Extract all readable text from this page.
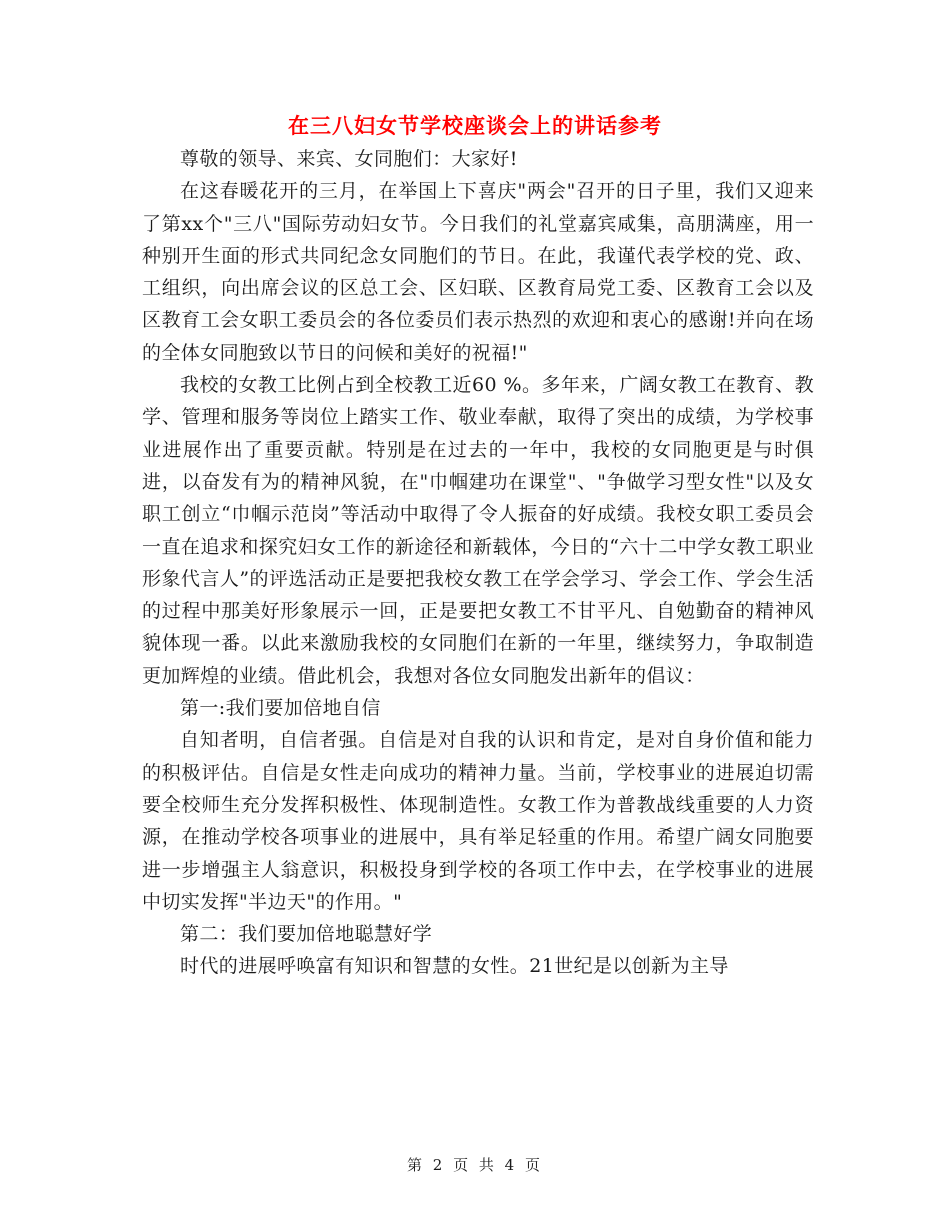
在三八妇女节学校座谈会上的讲话参考

尊敬的领导、来宾、女同胞们：大家好!

在这春暖花开的三月，在举国上下喜庆"两会"召开的日子里，我们又迎来了第xx个"三八"国际劳动妇女节。今日我们的礼堂嘉宾咸集，高朋满座，用一种别开生面的形式共同纪念女同胞们的节日。在此，我谨代表学校的党、政、工组织，向出席会议的区总工会、区妇联、区教育局党工委、区教育工会以及区教育工会女职工委员会的各位委员们表示热烈的欢迎和衷心的感谢!并向在场的全体女同胞致以节日的问候和美好的祝福!"

我校的女教工比例占到全校教工近60 %。多年来，广阔女教工在教育、教学、管理和服务等岗位上踏实工作、敬业奉献，取得了突出的成绩，为学校事业进展作出了重要贡献。特别是在过去的一年中，我校的女同胞更是与时俱进，以奋发有为的精神风貌，在"巾帼建功在课堂"、"争做学习型女性"以及女职工创立“巾帼示范岗”等活动中取得了令人振奋的好成绩。我校女职工委员会一直在追求和探究妇女工作的新途径和新载体，今日的“六十二中学女教工职业形象代言人”的评选活动正是要把我校女教工在学会学习、学会工作、学会生活的过程中那美好形象展示一回，正是要把女教工不甘平凡、自勉勤奋的精神风貌体现一番。以此来激励我校的女同胞们在新的一年里，继续努力，争取制造更加辉煌的业绩。借此机会，我想对各位女同胞发出新年的倡议：

第一:我们要加倍地自信

自知者明，自信者强。自信是对自我的认识和肯定，是对自身价值和能力的积极评估。自信是女性走向成功的精神力量。当前，学校事业的进展迫切需要全校师生充分发挥积极性、体现制造性。女教工作为普教战线重要的人力资源，在推动学校各项事业的进展中，具有举足轻重的作用。希望广阔女同胞要进一步增强主人翁意识，积极投身到学校的各项工作中去，在学校事业的进展中切实发挥"半边天"的作用。"

第二：我们要加倍地聪慧好学

时代的进展呼唤富有知识和智慧的女性。21世纪是以创新为主导

第 2 页 共 4 页
